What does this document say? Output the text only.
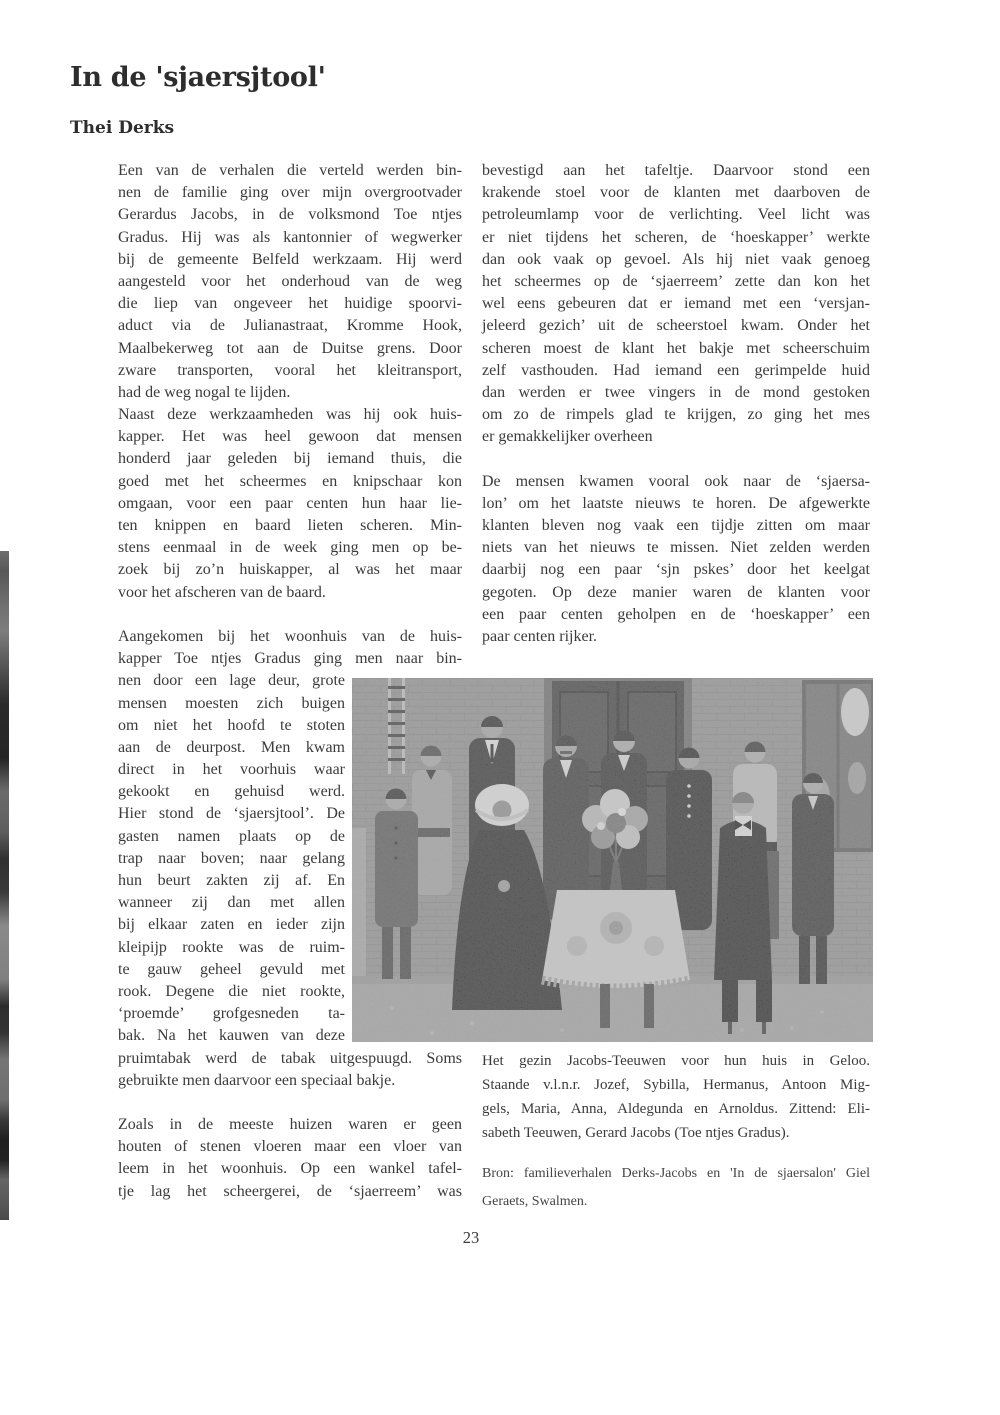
In de 'sjaersjtool'
Thei Derks
Een van de verhalen die verteld werden bin-
nen de familie ging over mijn overgrootvader
Gerardus Jacobs, in de volksmond Toe ntjes
Gradus. Hij was als kantonnier of wegwerker
bij de gemeente Belfeld werkzaam. Hij werd
aangesteld voor het onderhoud van de weg
die liep van ongeveer het huidige spoorvi-
aduct via de Julianastraat, Kromme Hook,
Maalbekerweg tot aan de Duitse grens. Door
zware transporten, vooral het kleitransport,
had de weg nogal te lijden.
Naast deze werkzaamheden was hij ook huis-
kapper. Het was heel gewoon dat mensen
honderd jaar geleden bij iemand thuis, die
goed met het scheermes en knipschaar kon
omgaan, voor een paar centen hun haar lie-
ten knippen en baard lieten scheren. Min-
stens eenmaal in de week ging men op be-
zoek bij zo’n huiskapper, al was het maar
voor het afscheren van de baard.
Aangekomen bij het woonhuis van de huis-
kapper Toe ntjes Gradus ging men naar bin-
nen door een lage deur, grote
mensen moesten zich buigen
om niet het hoofd te stoten
aan de deurpost. Men kwam
direct in het voorhuis waar
gekookt en gehuisd werd.
Hier stond de ‘sjaersjtool’. De
gasten namen plaats op de
trap naar boven; naar gelang
hun beurt zakten zij af. En
wanneer zij dan met allen
bij elkaar zaten en ieder zijn
kleipijp rookte was de ruim-
te gauw geheel gevuld met
rook. Degene die niet rookte,
‘proemde’ grofgesneden ta-
bak. Na het kauwen van deze
pruimtabak werd de tabak uitgespuugd. Soms
gebruikte men daarvoor een speciaal bakje.
Zoals in de meeste huizen waren er geen
houten of stenen vloeren maar een vloer van
leem in het woonhuis. Op een wankel tafel-
tje lag het scheergerei, de ‘sjaerreem’ was
bevestigd aan het tafeltje. Daarvoor stond een
krakende stoel voor de klanten met daarboven de
petroleumlamp voor de verlichting. Veel licht was
er niet tijdens het scheren, de ‘hoeskapper’ werkte
dan ook vaak op gevoel. Als hij niet vaak genoeg
het scheermes op de ‘sjaerreem’ zette dan kon het
wel eens gebeuren dat er iemand met een ‘versjan-
jeleerd gezich’ uit de scheerstoel kwam. Onder het
scheren moest de klant het bakje met scheerschuim
zelf vasthouden. Had iemand een gerimpelde huid
dan werden er twee vingers in de mond gestoken
om zo de rimpels glad te krijgen, zo ging het mes
er gemakkelijker overheen
De mensen kwamen vooral ook naar de ‘sjaersa-
lon’ om het laatste nieuws te horen. De afgewerkte
klanten bleven nog vaak een tijdje zitten om maar
niets van het nieuws te missen. Niet zelden werden
daarbij nog een paar ‘sjn pskes’ door het keelgat
gegoten. Op deze manier waren de klanten voor
een paar centen geholpen en de ‘hoeskapper’ een
paar centen rijker.
Het gezin Jacobs-Teeuwen voor hun huis in Geloo.
Staande v.l.n.r. Jozef, Sybilla, Hermanus, Antoon Mig-
gels, Maria, Anna, Aldegunda en Arnoldus. Zittend: Eli-
sabeth Teeuwen, Gerard Jacobs (Toe ntjes Gradus).
Bron: familieverhalen Derks-Jacobs en 'In de sjaersalon' Giel
Geraets, Swalmen.
23
